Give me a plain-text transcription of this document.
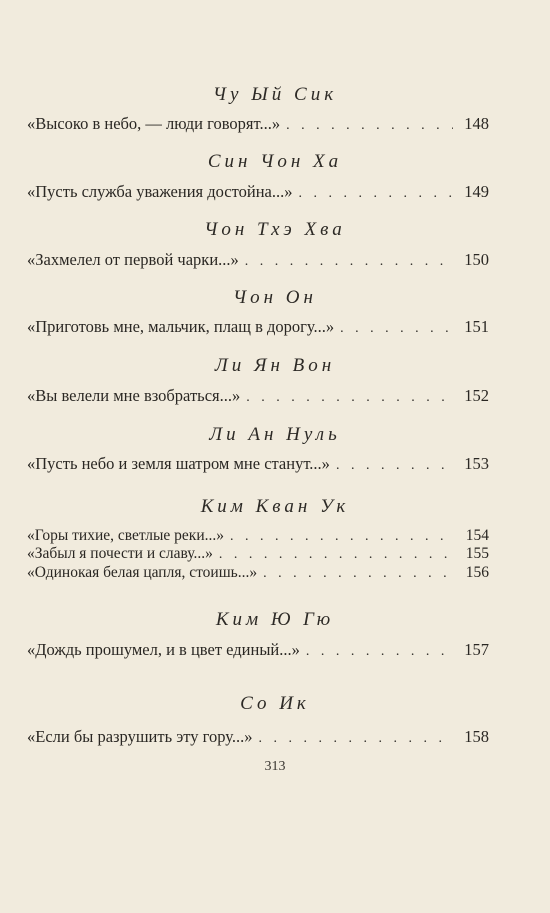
Чу Ый Сик
«Высоко в небо, — люди говорят...» . . .	148
Син Чон Ха
«Пусть служба уважения достойна...» . . .	149
Чон Тхэ Хва
«Захмелел от первой чарки...» . . .	150
Чон Он
«Приготовь мне, мальчик, плащ в дорогу...» . . .	151
Ли Ян Вон
«Вы велели мне взобраться...» . . .	152
Ли Ан Нуль
«Пусть небо и земля шатром мне станут...» . . .	153
Ким Кван Ук
«Горы тихие, светлые реки...» . . .	154
«Забыл я почести и славу...» . . .	155
«Одинокая белая цапля, стоишь...» . . .	156
Ким Ю Гю
«Дождь прошумел, и в цвет единый...» . . .	157
Со Ик
«Если бы разрушить эту гору...» . . .	158
313
